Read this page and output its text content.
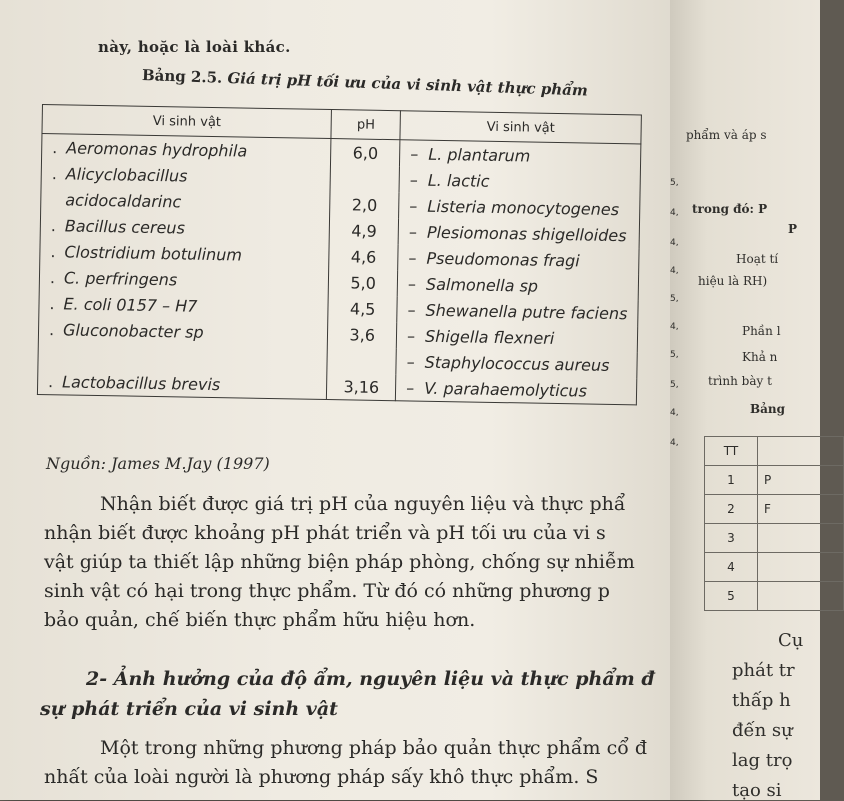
này, hoặc là loài khác.
Bảng 2.5. Giá trị pH tối ưu của vi sinh vật thực phẩm
Vi sinh vật	pH	Vi sinh vật
. Aeromonas hydrophila	6,0	– L. plantarum
. Alicyclobacillus		– L. lactic
acidocaldarinc	2,0	– Listeria monocytogenes
. Bacillus cereus	4,9	– Plesiomonas shigelloides
. Clostridium botulinum	4,6	– Pseudomonas fragi
. C. perfringens	5,0	– Salmonella sp
. E. coli 0157 – H7	4,5	– Shewanella putre faciens
. Gluconobacter sp	3,6	– Shigella flexneri
		– Staphylococcus aureus
. Lactobacillus brevis	3,16	– V. parahaemolyticus
Nguồn: James M.Jay (1997)
Nhận biết được giá trị pH của nguyên liệu và thực phẩ
nhận biết được khoảng pH phát triển và pH tối ưu của vi s
vật giúp ta thiết lập những biện pháp phòng, chống sự nhiễm
sinh vật có hại trong thực phẩm. Từ đó có những phương p
bảo quản, chế biến thực phẩm hữu hiệu hơn.
2- Ảnh hưởng của độ ẩm, nguyên liệu và thực phẩm đ
sự phát triển của vi sinh vật
Một trong những phương pháp bảo quản thực phẩm cổ đ
nhất của loài người là phương pháp sấy khô thực phẩm. S
5,
4,
4,
4,
5,
4,
5,
5,
4,
4,
phẩm và áp s
trong đó: P
P
Hoạt tí
hiệu là RH)
Phần l
Khả n
trình bày t
Bảng
TT	
1	P
2	F
3	
4	
5	
Cụ
phát tr
thấp h
đến sự
lag trọ
tạo si
